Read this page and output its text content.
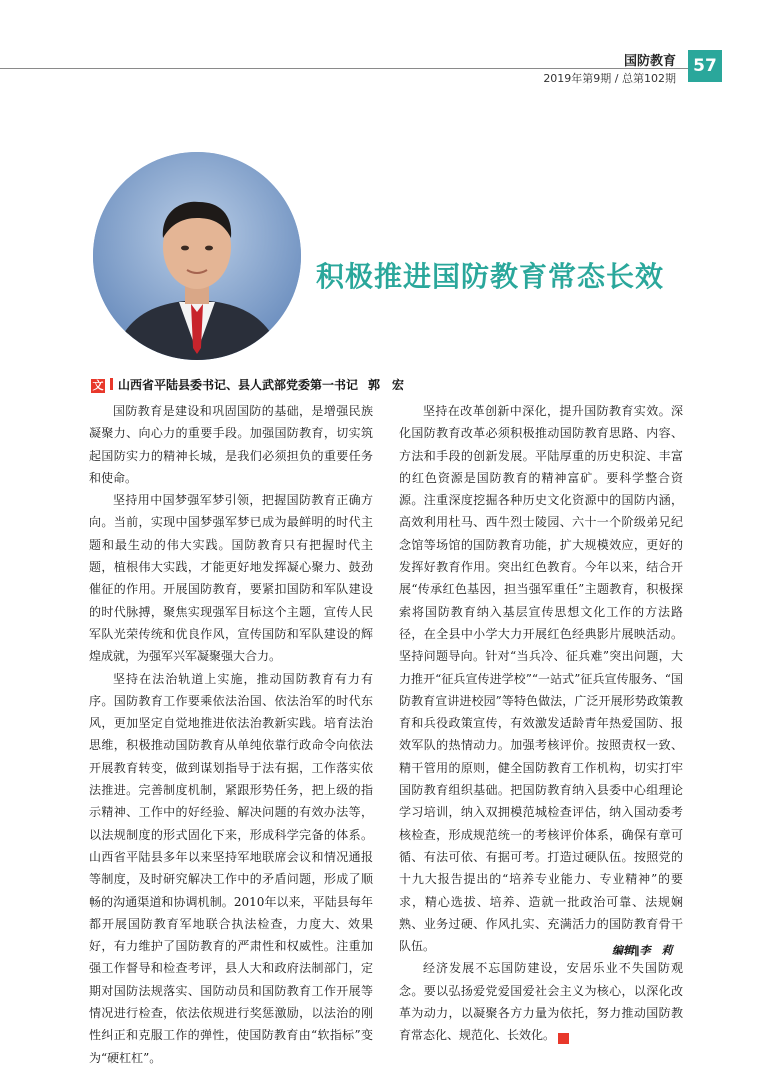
国防教育
2019年第9期 / 总第102期
57
积极推进国防教育常态长效
文 山西省平陆县委书记、县人武部党委第一书记 郭　宏

国防教育是建设和巩固国防的基础，是增强民族凝聚力、向心力的重要手段。加强国防教育，切实筑起国防实力的精神长城，是我们必须担负的重要任务和使命。

坚持用中国梦强军梦引领，把握国防教育正确方向。当前，实现中国梦强军梦已成为最鲜明的时代主题和最生动的伟大实践。国防教育只有把握时代主题，植根伟大实践，才能更好地发挥凝心聚力、鼓劲催征的作用。开展国防教育，要紧扣国防和军队建设的时代脉搏，聚焦实现强军目标这个主题，宣传人民军队光荣传统和优良作风，宣传国防和军队建设的辉煌成就，为强军兴军凝聚强大合力。

坚持在法治轨道上实施，推动国防教育有力有序。国防教育工作要乘依法治国、依法治军的时代东风，更加坚定自觉地推进依法治教新实践。培育法治思维，积极推动国防教育从单纯依靠行政命令向依法开展教育转变，做到谋划指导于法有据，工作落实依法推进。完善制度机制，紧跟形势任务，把上级的指示精神、工作中的好经验、解决问题的有效办法等，以法规制度的形式固化下来，形成科学完备的体系。山西省平陆县多年以来坚持军地联席会议和情况通报等制度，及时研究解决工作中的矛盾问题，形成了顺畅的沟通渠道和协调机制。2010年以来，平陆县每年都开展国防教育军地联合执法检查，力度大、效果好，有力维护了国防教育的严肃性和权威性。注重加强工作督导和检查考评，县人大和政府法制部门，定期对国防法规落实、国防动员和国防教育工作开展等情况进行检查，依法依规进行奖惩激励，以法治的刚性纠正和克服工作的弹性，使国防教育由“软指标”变为“硬杠杠”。

坚持在改革创新中深化，提升国防教育实效。深化国防教育改革必须积极推动国防教育思路、内容、方法和手段的创新发展。平陆厚重的历史积淀、丰富的红色资源是国防教育的精神富矿。要科学整合资源。注重深度挖掘各种历史文化资源中的国防内涵，高效利用杜马、西牛烈士陵园、六十一个阶级弟兄纪念馆等场馆的国防教育功能，扩大规模效应，更好的发挥好教育作用。突出红色教育。今年以来，结合开展“传承红色基因，担当强军重任”主题教育，积极探索将国防教育纳入基层宣传思想文化工作的方法路径，在全县中小学大力开展红色经典影片展映活动。坚持问题导向。针对“当兵冷、征兵难”突出问题，大力推开“征兵宣传进学校”“一站式”征兵宣传服务、“国防教育宣讲进校园”等特色做法，广泛开展形势政策教育和兵役政策宣传，有效激发适龄青年热爱国防、报效军队的热情动力。加强考核评价。按照责权一致、精干管用的原则，健全国防教育工作机构，切实打牢国防教育组织基础。把国防教育纳入县委中心组理论学习培训，纳入双拥模范城检查评估，纳入国动委考核检查，形成规范统一的考核评价体系，确保有章可循、有法可依、有据可考。打造过硬队伍。按照党的十九大报告提出的“培养专业能力、专业精神”的要求，精心选拔、培养、造就一批政治可靠、法规娴熟、业务过硬、作风扎实、充满活力的国防教育骨干队伍。

经济发展不忘国防建设，安居乐业不失国防观念。要以弘扬爱党爱国爱社会主义为核心，以深化改革为动力，以凝聚各方力量为依托，努力推动国防教育常态化、规范化、长效化。	G

编辑∥李　莉
